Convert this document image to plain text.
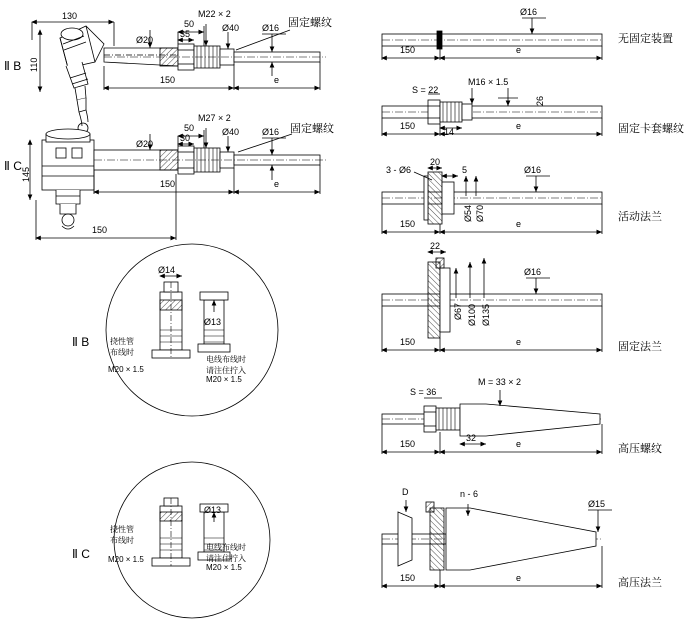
130
Ⅱ B 110
Ø20
50
35
M22 × 2
Ø40	Ø16
150	e
固定螺纹
Ⅱ C
145
Ø20
50
30
M27 × 2
Ø40	Ø16
150	e
150
固定螺纹
Ⅱ B
Ø14
Ø13
挠性管
布线时
M20 × 1.5
电线布线时
请注住拧入
M20 × 1.5
Ⅱ C
Ø13
挠性管
布线时
M20 × 1.5
电线布线时
请注住拧入
M20 × 1.5
Ø16
150	e
无固定装置
S = 22
M16 × 1.5
26
150
14
e	固定卡套螺纹
3 - Ø6
20
5	Ø16
Ø54 Ø70
150	e
活动法兰
22
Ø16
Ø67 Ø100 Ø135
150	e	固定法兰
S = 36
M = 33 × 2
32
150	e	高压螺纹
D	n - 6
Ø15
150	e	高压法兰
